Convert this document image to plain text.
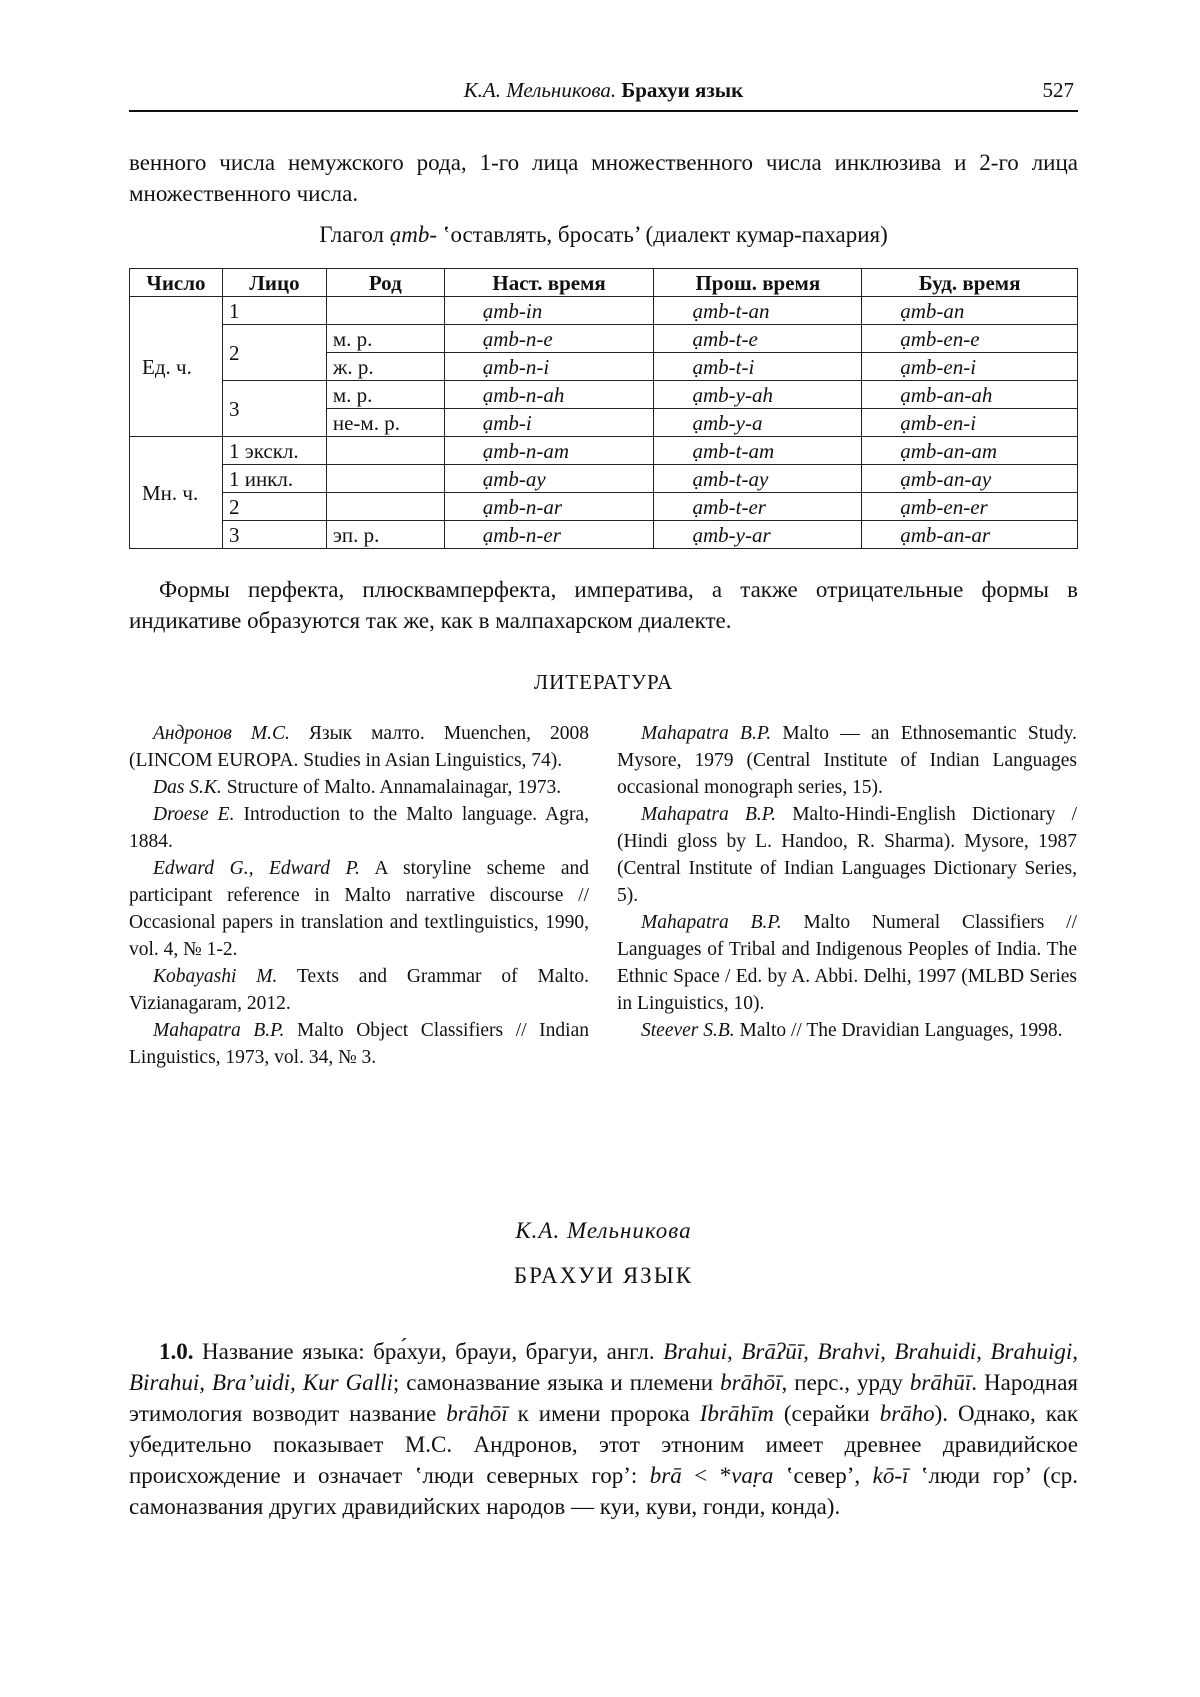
К.А. Мельникова. Брахуи язык	527

венного числа немужского рода, 1-го лица множественного числа инклюзива и 2-го лица множественного числа.

Глагол ạmb- ʽоставлять, бросать’ (диалект кумар-пахария)
Число	Лицо	Род	Наст. время	Прош. время	Буд. время
Ед. ч.	1		ạmb-in	ạmb-t-an	ạmb-an
	2	м. р.	ạmb-n-e	ạmb-t-e	ạmb-en-e
		ж. р.	ạmb-n-i	ạmb-t-i	ạmb-en-i
	3	м. р.	ạmb-n-ah	ạmb-y-ah	ạmb-an-ah
		не-м. р.	ạmb-i	ạmb-y-a	ạmb-en-i
Мн. ч.	1 экскл.		ạmb-n-am	ạmb-t-am	ạmb-an-am
	1 инкл.		ạmb-ay	ạmb-t-ay	ạmb-an-ay
	2		ạmb-n-ar	ạmb-t-er	ạmb-en-er
	3	эп. р.	ạmb-n-er	ạmb-y-ar	ạmb-an-ar

Формы перфекта, плюсквамперфекта, императива, а также отрицательные формы в индикативе образуются так же, как в малпахарском диалекте.

ЛИТЕРАТУРА

Андронов М.С. Язык малто. Muenchen, 2008 (LINCOM EUROPA. Studies in Asian Linguistics, 74).

Das S.K. Structure of Malto. Annamalainagar, 1973.

Droese E. Introduction to the Malto language. Agra, 1884.

Edward G., Edward P. A storyline scheme and participant reference in Malto narrative discourse // Occasional papers in translation and textlinguistics, 1990, vol. 4, № 1-2.

Kobayashi M. Texts and Grammar of Malto. Vizianagaram, 2012.

Mahapatra B.P. Malto Object Classifiers // Indian Linguistics, 1973, vol. 34, № 3.

Mahapatra B.P. Malto — an Ethnosemantic Study. Mysore, 1979 (Central Institute of Indian Languages occasional monograph series, 15).

Mahapatra B.P. Malto-Hindi-English Dictionary / (Hindi gloss by L. Handoo, R. Sharma). Mysore, 1987 (Central Institute of Indian Languages Dictionary Series, 5).

Mahapatra B.P. Malto Numeral Classifiers // Languages of Tribal and Indigenous Peoples of India. The Ethnic Space / Ed. by A. Abbi. Delhi, 1997 (MLBD Series in Linguistics, 10).

Steever S.B. Malto // The Dravidian Languages, 1998.

К.А. Мельникова
БРАХУИ ЯЗЫК

1.0. Название языка: бра́хуи, брауи, брагуи, англ. Brahui, Brāʔūī, Brahvi, Brahuidi, Brahuigi, Birahui, Bra’uidi, Kur Galli; самоназвание языка и племени brāhōī, перс., урду brāhūī. Народная этимология возводит название brāhōī к имени пророка Ibrāhīm (серайки brāho). Однако, как убедительно показывает М.С. Андронов, этот этноним имеет древнее дравидийское происхождение и означает ʽлюди северных гор’: brā < *vaṛa ʽсевер’, kō-ī ʽлюди гор’ (ср. самоназвания других дравидийских народов — куи, куви, гонди, конда).
